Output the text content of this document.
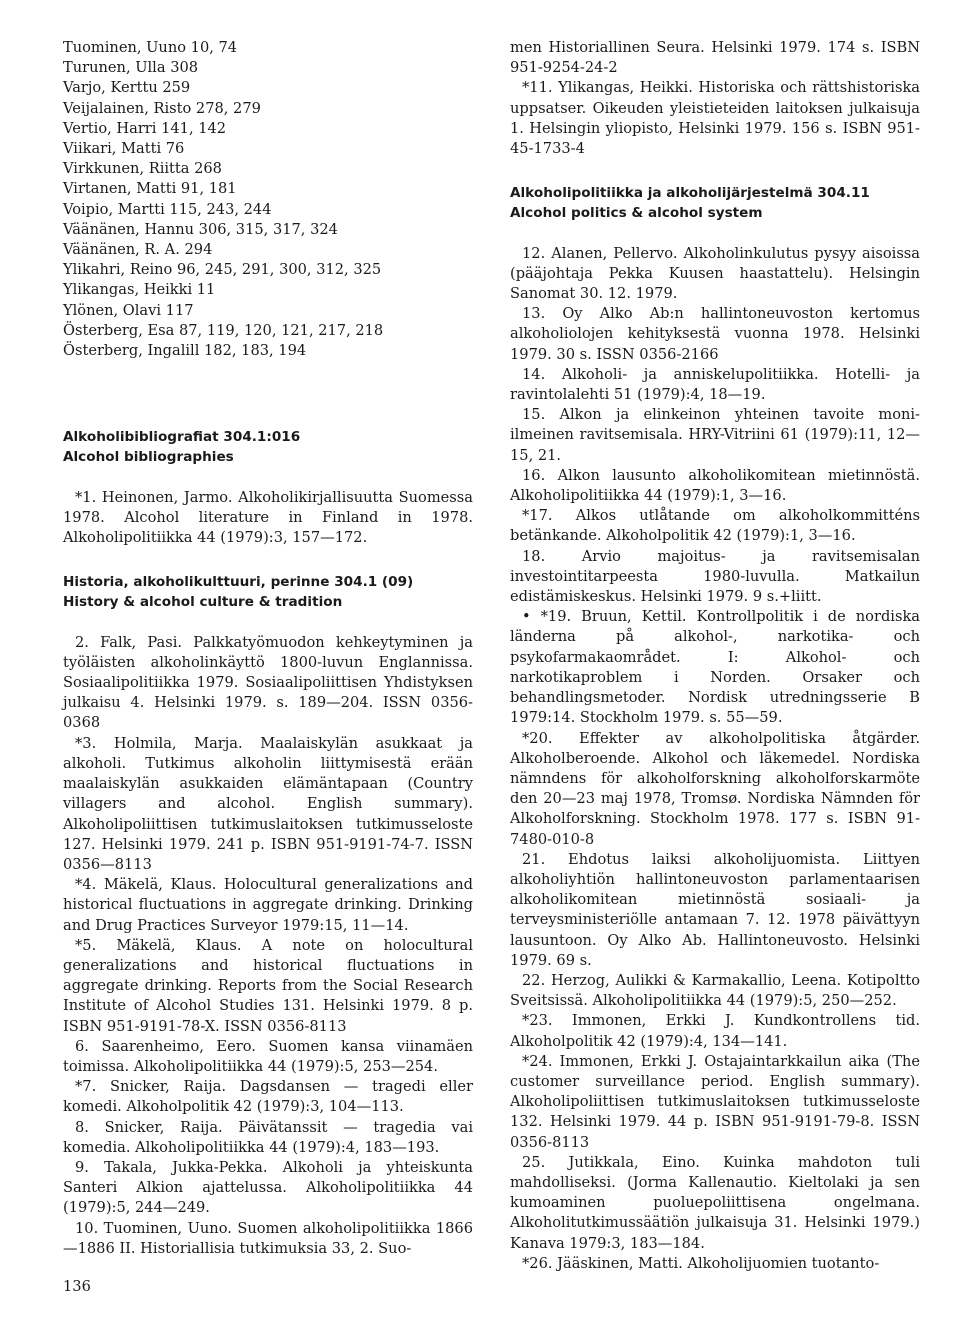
Tuominen, Uuno 10, 74
Turunen, Ulla 308
Varjo, Kerttu 259
Veijalainen, Risto 278, 279
Vertio, Harri 141, 142
Viikari, Matti 76
Virkkunen, Riitta 268
Virtanen, Matti 91, 181
Voipio, Martti 115, 243, 244
Väänänen, Hannu 306, 315, 317, 324
Väänänen, R. A. 294
Ylikahri, Reino 96, 245, 291, 300, 312, 325
Ylikangas, Heikki 11
Ylönen, Olavi 117
Österberg, Esa 87, 119, 120, 121, 217, 218
Österberg, Ingalill 182, 183, 194
Alkoholibibliografiat 304.1:016
Alcohol bibliographies
*1. Heinonen, Jarmo. Alkoholikirjallisuutta Suomessa 1978. Alcohol literature in Finland in 1978. Alkoholipolitiikka 44 (1979):3, 157—172.
Historia, alkoholikulttuuri, perinne 304.1 (09)
History & alcohol culture & tradition
2. Falk, Pasi. Palkkatyömuodon kehkeytyminen ja työläisten alkoholinkäyttö 1800-luvun Englannissa. Sosiaalipolitiikka 1979. Sosiaalipoliittisen Yhdistyksen julkaisu 4. Helsinki 1979. s. 189—204. ISSN 0356-0368
*3. Holmila, Marja. Maalaiskylän asukkaat ja alkoholi. Tutkimus alkoholin liittymisestä erään maalaiskylän asukkaiden elämäntapaan (Country villagers and alcohol. English summary). Alkoholipoliittisen tutkimuslaitoksen tutkimusseloste 127. Helsinki 1979. 241 p. ISBN 951-9191-74-7. ISSN 0356—8113
*4. Mäkelä, Klaus. Holocultural generalizations and historical fluctuations in aggregate drinking. Drinking and Drug Practices Surveyor 1979:15, 11—14.
*5. Mäkelä, Klaus. A note on holocultural generalizations and historical fluctuations in aggregate drinking. Reports from the Social Research Institute of Alcohol Studies 131. Helsinki 1979. 8 p. ISBN 951-9191-78-X. ISSN 0356-8113
6. Saarenheimo, Eero. Suomen kansa viinamäen toimissa. Alkoholipolitiikka 44 (1979):5, 253—254.
*7. Snicker, Raija. Dagsdansen — tragedi eller komedi. Alkoholpolitik 42 (1979):3, 104—113.
8. Snicker, Raija. Päivätanssit — tragedia vai komedia. Alkoholipolitiikka 44 (1979):4, 183—193.
9. Takala, Jukka-Pekka. Alkoholi ja yhteiskunta Santeri Alkion ajattelussa. Alkoholipolitiikka 44 (1979):5, 244—249.
10. Tuominen, Uuno. Suomen alkoholipolitiikka 1866—1886 II. Historiallisia tutkimuksia 33, 2. Suo-
men Historiallinen Seura. Helsinki 1979. 174 s. ISBN 951-9254-24-2
*11. Ylikangas, Heikki. Historiska och rättshistoriska uppsatser. Oikeuden yleistieteiden laitoksen julkaisuja 1. Helsingin yliopisto, Helsinki 1979. 156 s. ISBN 951-45-1733-4
Alkoholipolitiikka ja alkoholijärjestelmä 304.11
Alcohol politics & alcohol system
12. Alanen, Pellervo. Alkoholinkulutus pysyy aisoissa (pääjohtaja Pekka Kuusen haastattelu). Helsingin Sanomat 30. 12. 1979.
13. Oy Alko Ab:n hallintoneuvoston kertomus alkoholiolojen kehityksestä vuonna 1978. Helsinki 1979. 30 s. ISSN 0356-2166
14. Alkoholi- ja anniskelupolitiikka. Hotelli- ja ravintolalehti 51 (1979):4, 18—19.
15. Alkon ja elinkeinon yhteinen tavoite moni-ilmeinen ravitsemisala. HRY-Vitriini 61 (1979):11, 12—15, 21.
16. Alkon lausunto alkoholikomitean mietinnöstä. Alkoholipolitiikka 44 (1979):1, 3—16.
*17. Alkos utlåtande om alkoholkommitténs betänkande. Alkoholpolitik 42 (1979):1, 3—16.
18. Arvio majoitus- ja ravitsemisalan investointitarpeesta 1980-luvulla. Matkailun edistämiskeskus. Helsinki 1979. 9 s.+liitt.
• *19. Bruun, Kettil. Kontrollpolitik i de nordiska länderna på alkohol-, narkotika- och psykofarmakaområdet. I: Alkohol- och narkotikaproblem i Norden. Orsaker och behandlingsmetoder. Nordisk utredningsserie B 1979:14. Stockholm 1979. s. 55—59.
*20. Effekter av alkoholpolitiska åtgärder. Alkoholberoende. Alkohol och läkemedel. Nordiska nämndens för alkoholforskning alkoholforskarmöte den 20—23 maj 1978, Tromsø. Nordiska Nämnden för Alkoholforskning. Stockholm 1978. 177 s. ISBN 91-7480-010-8
21. Ehdotus laiksi alkoholijuomista. Liittyen alkoholiyhtiön hallintoneuvoston parlamentaarisen alkoholikomitean mietinnöstä sosiaali- ja terveysministeriölle antamaan 7. 12. 1978 päivättyyn lausuntoon. Oy Alko Ab. Hallintoneuvosto. Helsinki 1979. 69 s.
22. Herzog, Aulikki & Karmakallio, Leena. Kotipoltto Sveitsissä. Alkoholipolitiikka 44 (1979):5, 250—252.
*23. Immonen, Erkki J. Kundkontrollens tid. Alkoholpolitik 42 (1979):4, 134—141.
*24. Immonen, Erkki J. Ostajaintarkkailun aika (The customer surveillance period. English summary). Alkoholipoliittisen tutkimuslaitoksen tutkimusseloste 132. Helsinki 1979. 44 p. ISBN 951-9191-79-8. ISSN 0356-8113
25. Jutikkala, Eino. Kuinka mahdoton tuli mahdolliseksi. (Jorma Kallenautio. Kieltolaki ja sen kumoaminen puoluepoliittisena ongelmana. Alkoholitutkimussäätiön julkaisuja 31. Helsinki 1979.) Kanava 1979:3, 183—184.
*26. Jääskinen, Matti. Alkoholijuomien tuotanto-
136
